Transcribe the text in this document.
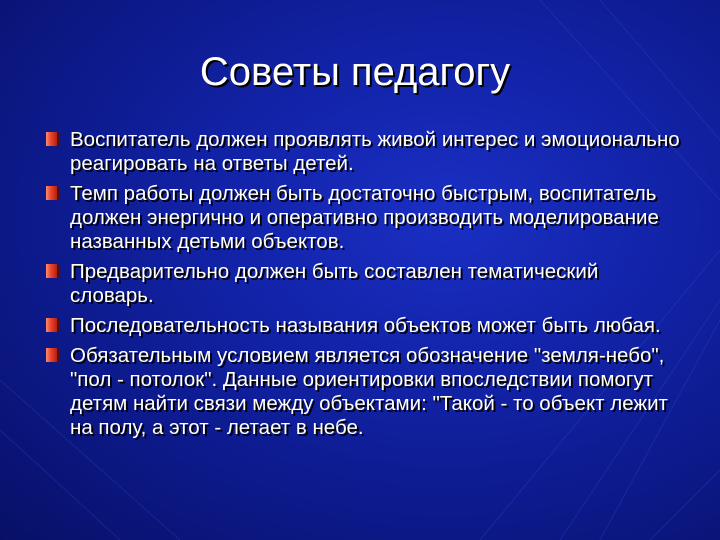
Советы педагогу
Воспитатель должен проявлять живой интерес и эмоционально реагировать на ответы детей.
Темп работы должен быть достаточно быстрым, воспитатель должен энергично и оперативно производить моделирование названных детьми объектов.
Предварительно должен быть составлен тематический словарь.
Последовательность называния объектов может быть любая.
Обязательным условием является обозначение "земля-небо", "пол - потолок". Данные ориентировки впоследствии помогут детям найти связи между объектами: "Такой - то объект лежит на полу, а этот - летает в небе.
